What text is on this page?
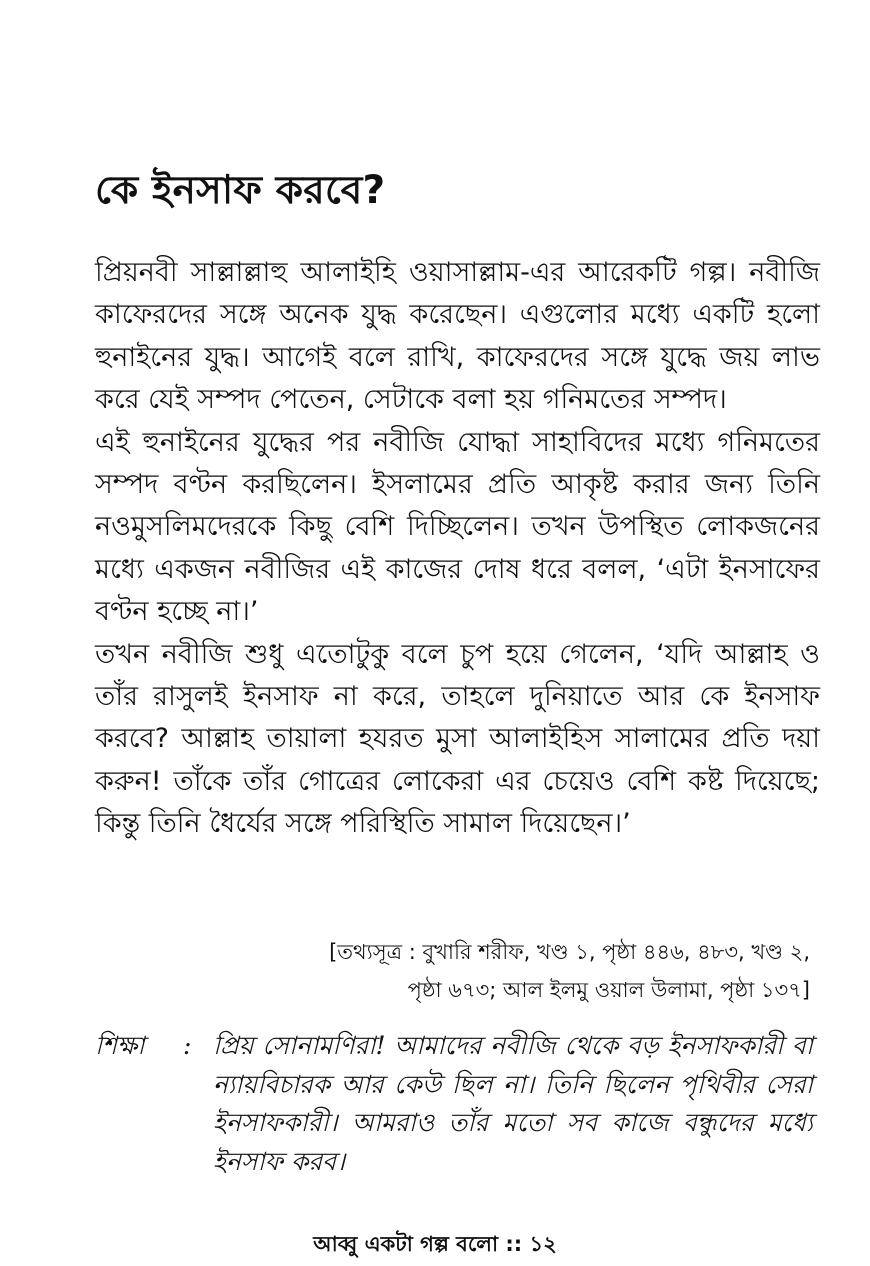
কে ইনসাফ করবে?

প্রিয়নবী সাল্লাল্লাহু আলাইহি ওয়াসাল্লাম-এর আরেকটি গল্প। নবীজি কাফেরদের সঙ্গে অনেক যুদ্ধ করেছেন। এগুলোর মধ্যে একটি হলো হুনাইনের যুদ্ধ। আগেই বলে রাখি, কাফেরদের সঙ্গে যুদ্ধে জয় লাভ করে যেই সম্পদ পেতেন, সেটাকে বলা হয় গনিমতের সম্পদ।

এই হুনাইনের যুদ্ধের পর নবীজি যোদ্ধা সাহাবিদের মধ্যে গনিমতের সম্পদ বণ্টন করছিলেন। ইসলামের প্রতি আকৃষ্ট করার জন্য তিনি নওমুসলিমদেরকে কিছু বেশি দিচ্ছিলেন। তখন উপস্থিত লোকজনের মধ্যে একজন নবীজির এই কাজের দোষ ধরে বলল, ‘এটা ইনসাফের বণ্টন হচ্ছে না।’

তখন নবীজি শুধু এতোটুকু বলে চুপ হয়ে গেলেন, ‘যদি আল্লাহ ও তাঁর রাসুলই ইনসাফ না করে, তাহলে দুনিয়াতে আর কে ইনসাফ করবে? আল্লাহ তায়ালা হযরত মুসা আলাইহিস সালামের প্রতি দয়া করুন! তাঁকে তাঁর গোত্রের লোকেরা এর চেয়েও বেশি কষ্ট দিয়েছে; কিন্তু তিনি ধৈর্যের সঙ্গে পরিস্থিতি সামাল দিয়েছেন।’

[তথ্যসূত্র : বুখারি শরীফ, খণ্ড ১, পৃষ্ঠা ৪৪৬, ৪৮৩, খণ্ড ২,
পৃষ্ঠা ৬৭৩; আল ইলমু ওয়াল উলামা, পৃষ্ঠা ১৩৭]
শিক্ষা	: প্রিয় সোনামণিরা! আমাদের নবীজি থেকে বড় ইনসাফকারী বা ন্যায়বিচারক আর কেউ ছিল না। তিনি ছিলেন পৃথিবীর সেরা ইনসাফকারী। আমরাও তাঁর মতো সব কাজে বন্ধুদের মধ্যে ইনসাফ করব।

আব্বু একটা গল্প বলো :: ১২
